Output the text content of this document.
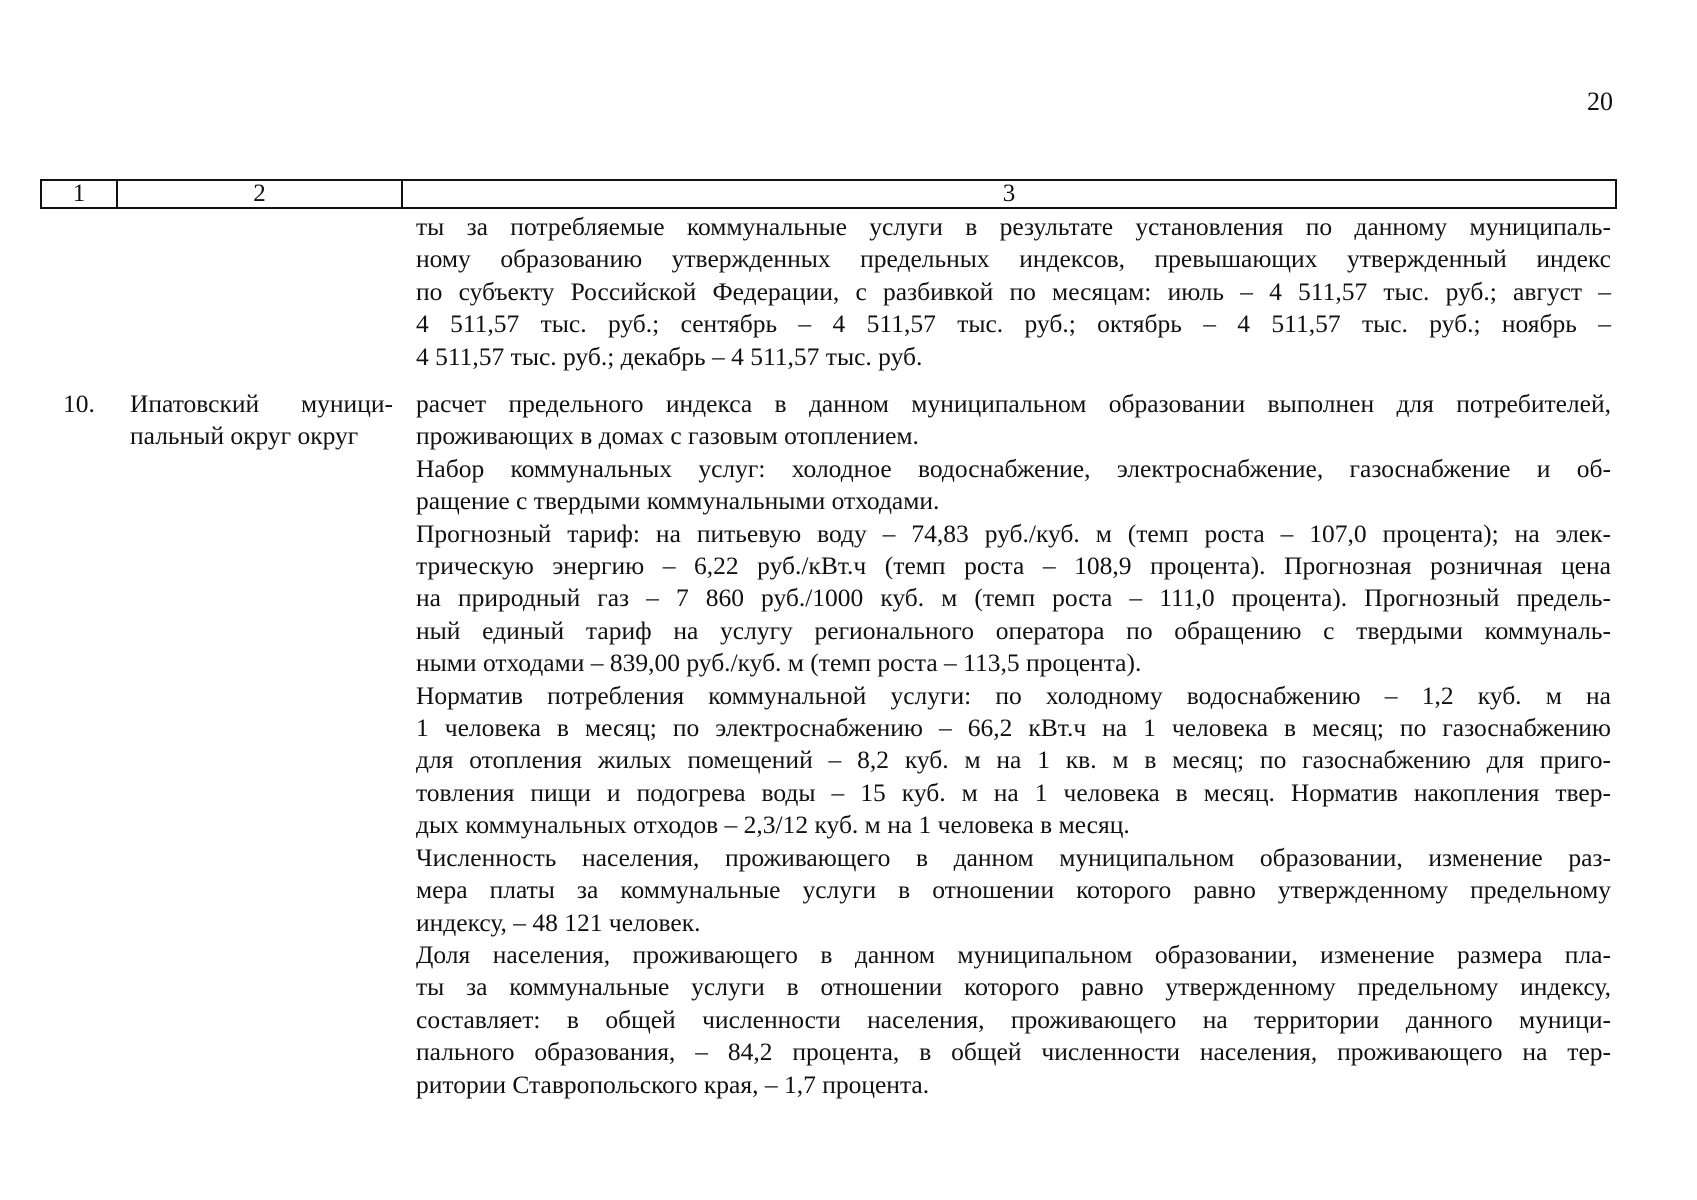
20
1	2	3
ты за потребляемые коммунальные услуги в результате установления по данному муниципаль-
ному образованию утвержденных предельных индексов, превышающих утвержденный индекс
по субъекту Российской Федерации, с разбивкой по месяцам: июль – 4 511,57 тыс. руб.; август –
4 511,57 тыс. руб.; сентябрь – 4 511,57 тыс. руб.; октябрь – 4 511,57 тыс. руб.; ноябрь –
4 511,57 тыс. руб.; декабрь – 4 511,57 тыс. руб.
10. Ипатовский муници-
пальный округ округ

расчет предельного индекса в данном муниципальном образовании выполнен для потребителей,
проживающих в домах с газовым отоплением.

Набор коммунальных услуг: холодное водоснабжение, электроснабжение, газоснабжение и об-
ращение с твердыми коммунальными отходами.

Прогнозный тариф: на питьевую воду – 74,83 руб./куб. м (темп роста – 107,0 процента); на элек-
трическую энергию – 6,22 руб./кВт.ч (темп роста – 108,9 процента). Прогнозная розничная цена
на природный газ – 7 860 руб./1000 куб. м (темп роста – 111,0 процента). Прогнозный предель-
ный единый тариф на услугу регионального оператора по обращению с твердыми коммуналь-
ными отходами – 839,00 руб./куб. м (темп роста – 113,5 процента).

Норматив потребления коммунальной услуги: по холодному водоснабжению – 1,2 куб. м на
1 человека в месяц; по электроснабжению – 66,2 кВт.ч на 1 человека в месяц; по газоснабжению
для отопления жилых помещений – 8,2 куб. м на 1 кв. м в месяц; по газоснабжению для приго-
товления пищи и подогрева воды – 15 куб. м на 1 человека в месяц. Норматив накопления твер-
дых коммунальных отходов – 2,3/12 куб. м на 1 человека в месяц.

Численность населения, проживающего в данном муниципальном образовании, изменение раз-
мера платы за коммунальные услуги в отношении которого равно утвержденному предельному
индексу, – 48 121 человек.

Доля населения, проживающего в данном муниципальном образовании, изменение размера пла-
ты за коммунальные услуги в отношении которого равно утвержденному предельному индексу,
составляет: в общей численности населения, проживающего на территории данного муници-
пального образования, – 84,2 процента, в общей численности населения, проживающего на тер-
ритории Ставропольского края, – 1,7 процента.
